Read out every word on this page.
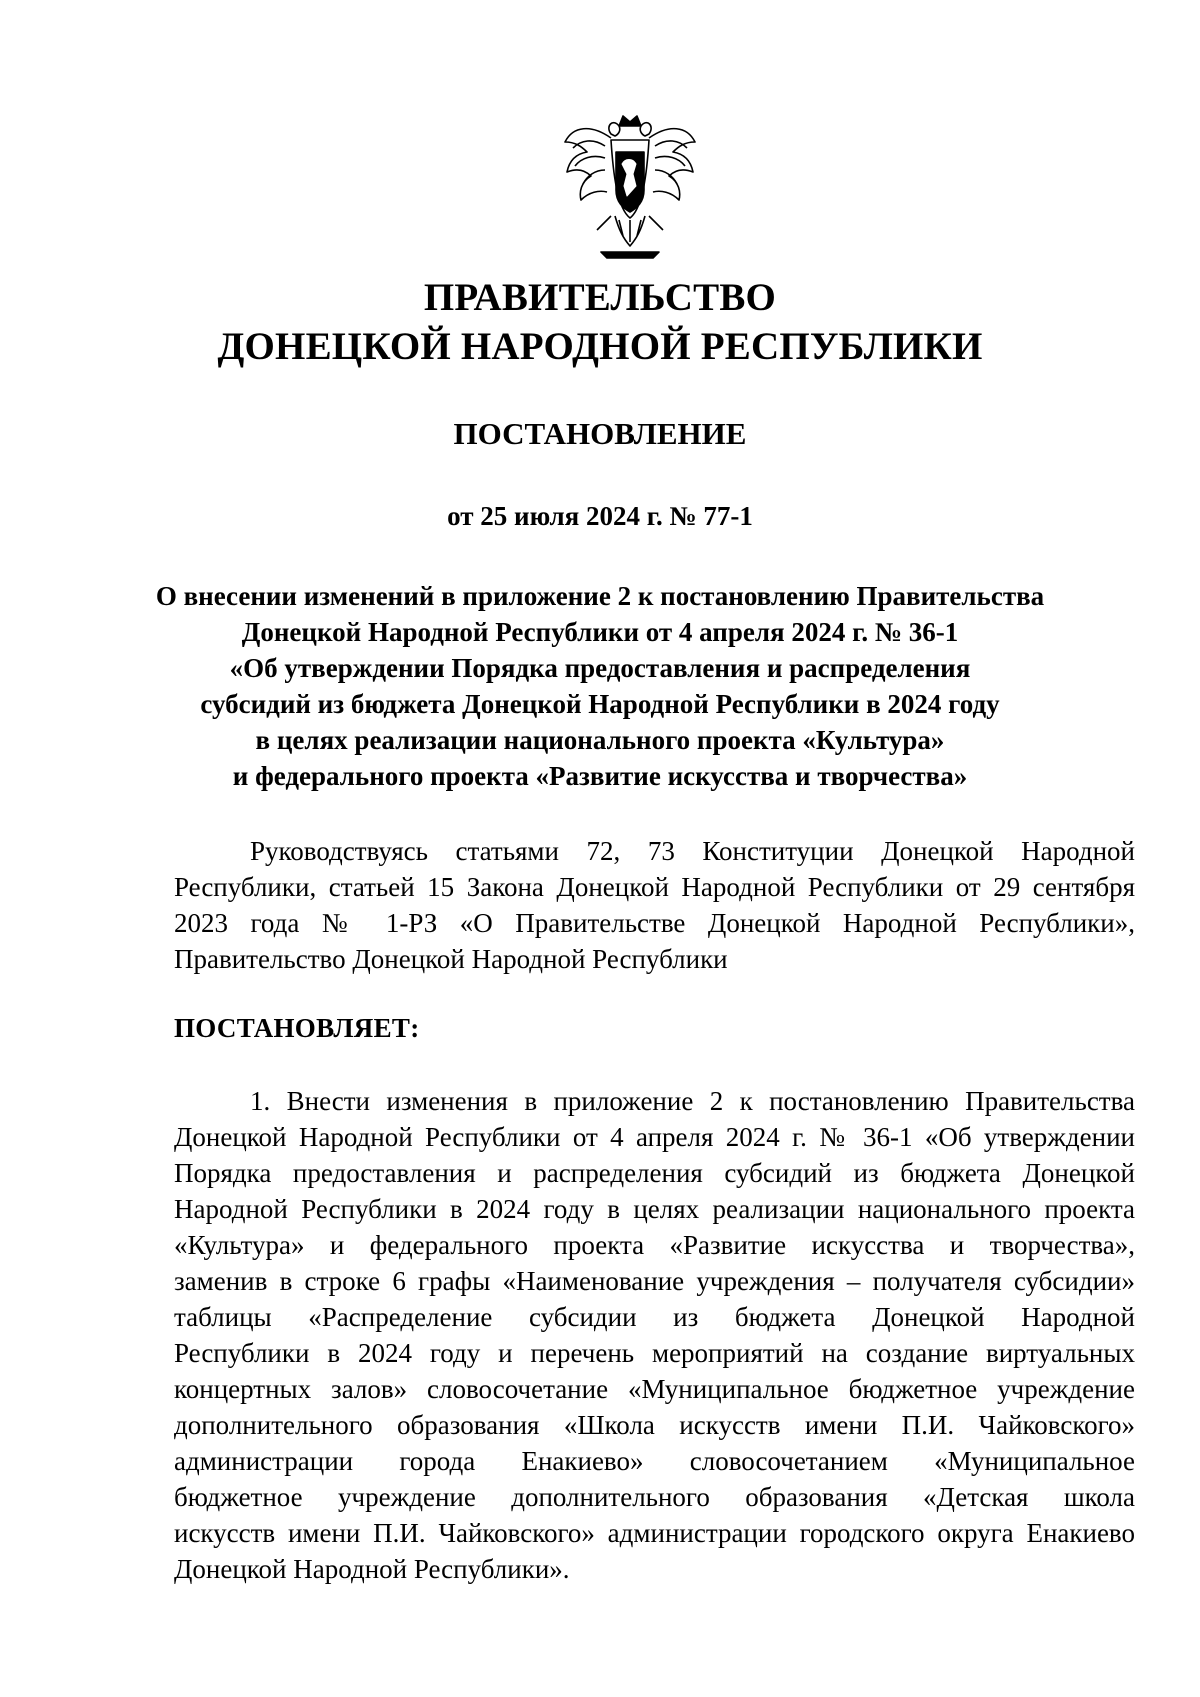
ПРАВИТЕЛЬСТВО
ДОНЕЦКОЙ НАРОДНОЙ РЕСПУБЛИКИ
ПОСТАНОВЛЕНИЕ
от 25 июля 2024 г. № 77-1
О внесении изменений в приложение 2 к постановлению Правительства
Донецкой Народной Республики от 4 апреля 2024 г. № 36-1
«Об утверждении Порядка предоставления и распределения
субсидий из бюджета Донецкой Народной Республики в 2024 году
в целях реализации национального проекта «Культура»
и федерального проекта «Развитие искусства и творчества»
Руководствуясь статьями 72, 73 Конституции Донецкой Народной
Республики, статьей 15 Закона Донецкой Народной Республики от 29 сентября
2023 года № 1-РЗ «О Правительстве Донецкой Народной Республики»,
Правительство Донецкой Народной Республики
ПОСТАНОВЛЯЕТ:
1. Внести изменения в приложение 2 к постановлению Правительства
Донецкой Народной Республики от 4 апреля 2024 г. № 36-1 «Об утверждении
Порядка предоставления и распределения субсидий из бюджета Донецкой
Народной Республики в 2024 году в целях реализации национального проекта
«Культура» и федерального проекта «Развитие искусства и творчества»,
заменив в строке 6 графы «Наименование учреждения – получателя субсидии»
таблицы «Распределение субсидии из бюджета Донецкой Народной
Республики в 2024 году и перечень мероприятий на создание виртуальных
концертных залов» словосочетание «Муниципальное бюджетное учреждение
дополнительного образования «Школа искусств имени П.И. Чайковского»
администрации города Енакиево» словосочетанием «Муниципальное
бюджетное учреждение дополнительного образования «Детская школа
искусств имени П.И. Чайковского» администрации городского округа Енакиево
Донецкой Народной Республики».
